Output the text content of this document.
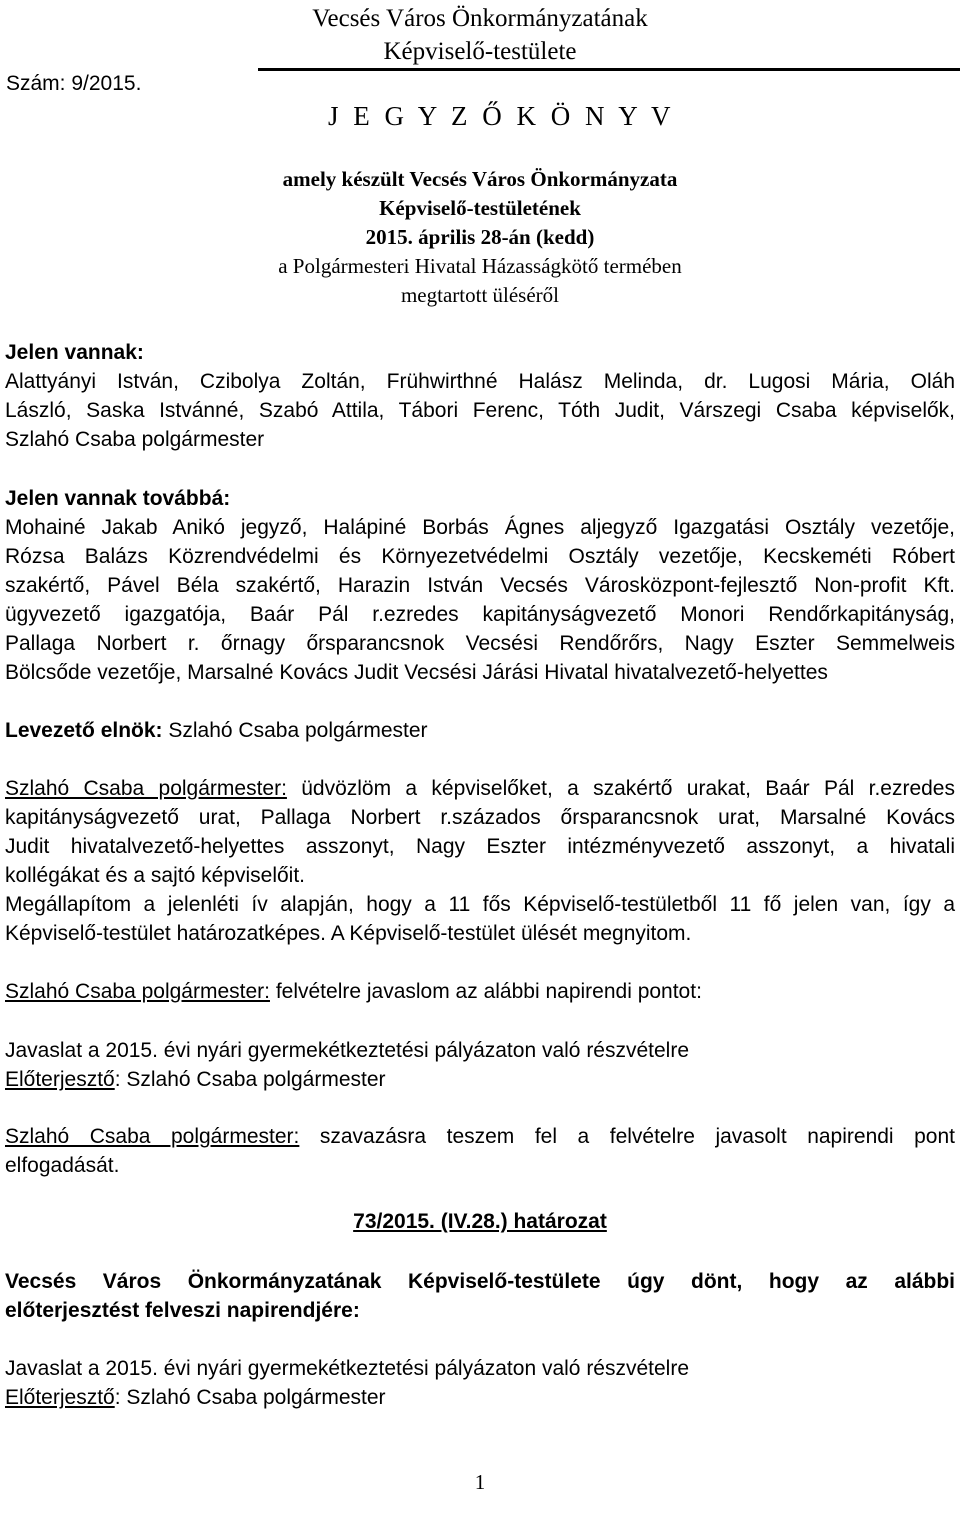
Vecsés Város Önkormányzatának
Képviselő-testülete
Szám: 9/2015.
J E G Y Z Ő K Ö N Y V
amely készült Vecsés Város Önkormányzata
Képviselő-testületének
2015. április 28-án (kedd)
a Polgármesteri Hivatal Házasságkötő termében
megtartott üléséről
Jelen vannak:
Alattyányi István, Czibolya Zoltán, Frühwirthné Halász Melinda, dr. Lugosi Mária, Oláh
László, Saska Istvánné, Szabó Attila, Tábori Ferenc, Tóth Judit, Várszegi Csaba képviselők,
Szlahó Csaba polgármester
Jelen vannak továbbá:
Mohainé Jakab Anikó jegyző, Halápiné Borbás Ágnes aljegyző Igazgatási Osztály vezetője,
Rózsa Balázs Közrendvédelmi és Környezetvédelmi Osztály vezetője, Kecskeméti Róbert
szakértő, Pável Béla szakértő, Harazin István Vecsés Városközpont-fejlesztő Non-profit Kft.
ügyvezető igazgatója, Baár Pál r.ezredes kapitányságvezető Monori Rendőrkapitányság,
Pallaga Norbert r. őrnagy őrsparancsnok Vecsési Rendőrőrs, Nagy Eszter Semmelweis
Bölcsőde vezetője, Marsalné Kovács Judit Vecsési Járási Hivatal hivatalvezető-helyettes
Levezető elnök: Szlahó Csaba polgármester
Szlahó Csaba polgármester: üdvözlöm a képviselőket, a szakértő urakat, Baár Pál r.ezredes
kapitányságvezető urat, Pallaga Norbert r.százados őrsparancsnok urat, Marsalné Kovács
Judit hivatalvezető-helyettes asszonyt, Nagy Eszter intézményvezető asszonyt, a hivatali
kollégákat és a sajtó képviselőit.
Megállapítom a jelenléti ív alapján, hogy a 11 fős Képviselő-testületből 11 fő jelen van, így a
Képviselő-testület határozatképes. A Képviselő-testület ülését megnyitom.
Szlahó Csaba polgármester: felvételre javaslom az alábbi napirendi pontot:
Javaslat a 2015. évi nyári gyermekétkeztetési pályázaton való részvételre
Előterjesztő: Szlahó Csaba polgármester
Szlahó Csaba polgármester: szavazásra teszem fel a felvételre javasolt napirendi pont
elfogadását.
73/2015. (IV.28.) határozat
Vecsés Város Önkormányzatának Képviselő-testülete úgy dönt, hogy az alábbi
előterjesztést felveszi napirendjére:
Javaslat a 2015. évi nyári gyermekétkeztetési pályázaton való részvételre
Előterjesztő: Szlahó Csaba polgármester
1
